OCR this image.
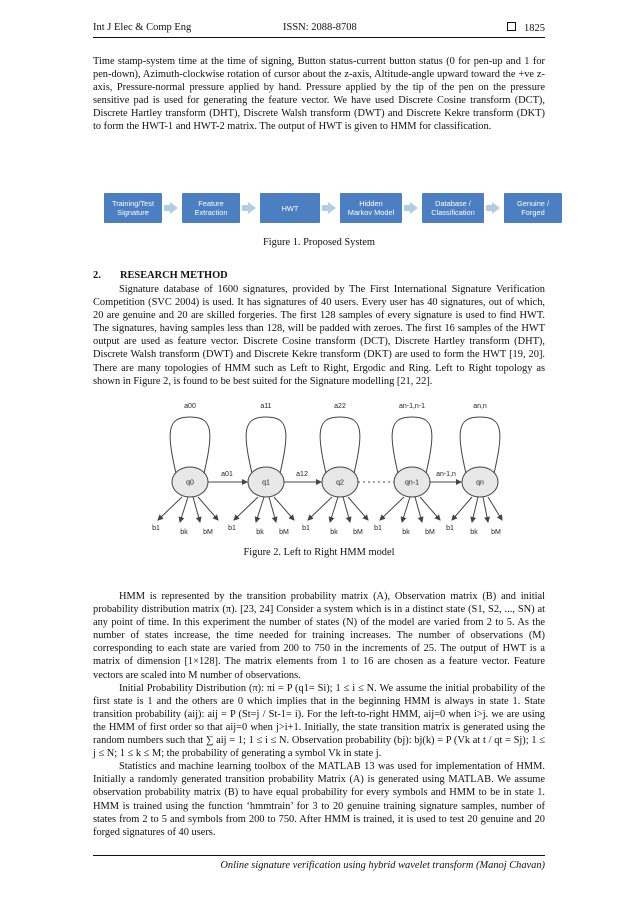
Int J Elec & Comp Eng	ISSN: 2088-8708	1825

Time stamp-system time at the time of signing, Button status-current button status (0 for pen-up and 1 for pen-down), Azimuth-clockwise rotation of cursor about the z-axis, Altitude-angle upward toward the +ve z-axis, Pressure-normal pressure applied by hand. Pressure applied by the tip of the pen on the pressure sensitive pad is used for generating the feature vector. We have used Discrete Cosine transform (DCT), Discrete Hartley transform (DHT), Discrete Walsh transform (DWT) and Discrete Kekre transform (DKT) to form the HWT-1 and HWT-2 matrix. The output of HWT is given to HMM for classification.

Training/Test
Signature
Feature
Extraction	HWT	Hidden
Markov Model
Database /
Classification
Genuine /
Forged
Figure 1. Proposed System
2. RESEARCH METHOD

Signature database of 1600 signatures, provided by The First International Signature Verification Competition (SVC 2004) is used. It has signatures of 40 users. Every user has 40 signatures, out of which, 20 are genuine and 20 are skilled forgeries. The first 128 samples of every signature is used to find HWT. The signatures, having samples less than 128, will be padded with zeroes. The first 16 samples of the HWT output are used as feature vector. Discrete Cosine transform (DCT), Discrete Hartley transform (DHT), Discrete Walsh transform (DWT) and Discrete Kekre transform (DKT) are used to form the HWT [19, 20]. There are many topologies of HMM such as Left to Right, Ergodic and Ring. Left to Right topology as shown in Figure 2, is found to be best suited for the Signature modelling [21, 22].

q0
a00
b1
bk bM
a01
q1
a11
b1
bk bM
a12
q2
a22
b1
bk bM
qn-1
an-1,n-1
b1
bk bM
an-1,n
qn
an,n
b1
bk bM
Figure 2. Left to Right HMM model

HMM is represented by the transition probability matrix (A), Observation matrix (B) and initial probability distribution matrix (π). [23, 24] Consider a system which is in a distinct state (S1, S2, ..., SN) at any point of time. In this experiment the number of states (N) of the model are varied from 2 to 5. As the number of states increase, the time needed for training increases. The number of observations (M) corresponding to each state are varied from 200 to 750 in the increments of 25. The output of HWT is a matrix of dimension [1×128]. The matrix elements from 1 to 16 are chosen as a feature vector. Feature vectors are scaled into M number of observations.

Initial Probability Distribution (π): πi = P (q1= Si); 1 ≤ i ≤ N. We assume the initial probability of the first state is 1 and the others are 0 which implies that in the beginning HMM is always in state 1. State transition probability (aij): aij = P (St=j / St-1= i). For the left-to-right HMM, aij=0 when i>j. we are using the HMM of first order so that aij=0 when j>i+1. Initially, the state transition matrix is generated using the random numbers such that ∑ aij = 1; 1 ≤ i ≤ N. Observation probability (bj): bj(k) = P (Vk at t / qt = Sj); 1 ≤ j ≤ N; 1 ≤ k ≤ M; the probability of generating a symbol Vk in state j.

Statistics and machine learning toolbox of the MATLAB 13 was used for implementation of HMM. Initially a randomly generated transition probability Matrix (A) is generated using MATLAB. We assume observation probability matrix (B) to have equal probability for every symbols and HMM to be in state 1. HMM is trained using the function ‘hmmtrain’ for 3 to 20 genuine training signature samples, number of states from 2 to 5 and symbols from 200 to 750. After HMM is trained, it is used to test 20 genuine and 20 forged signatures of 40 users.

Online signature verification using hybrid wavelet transform (Manoj Chavan)
